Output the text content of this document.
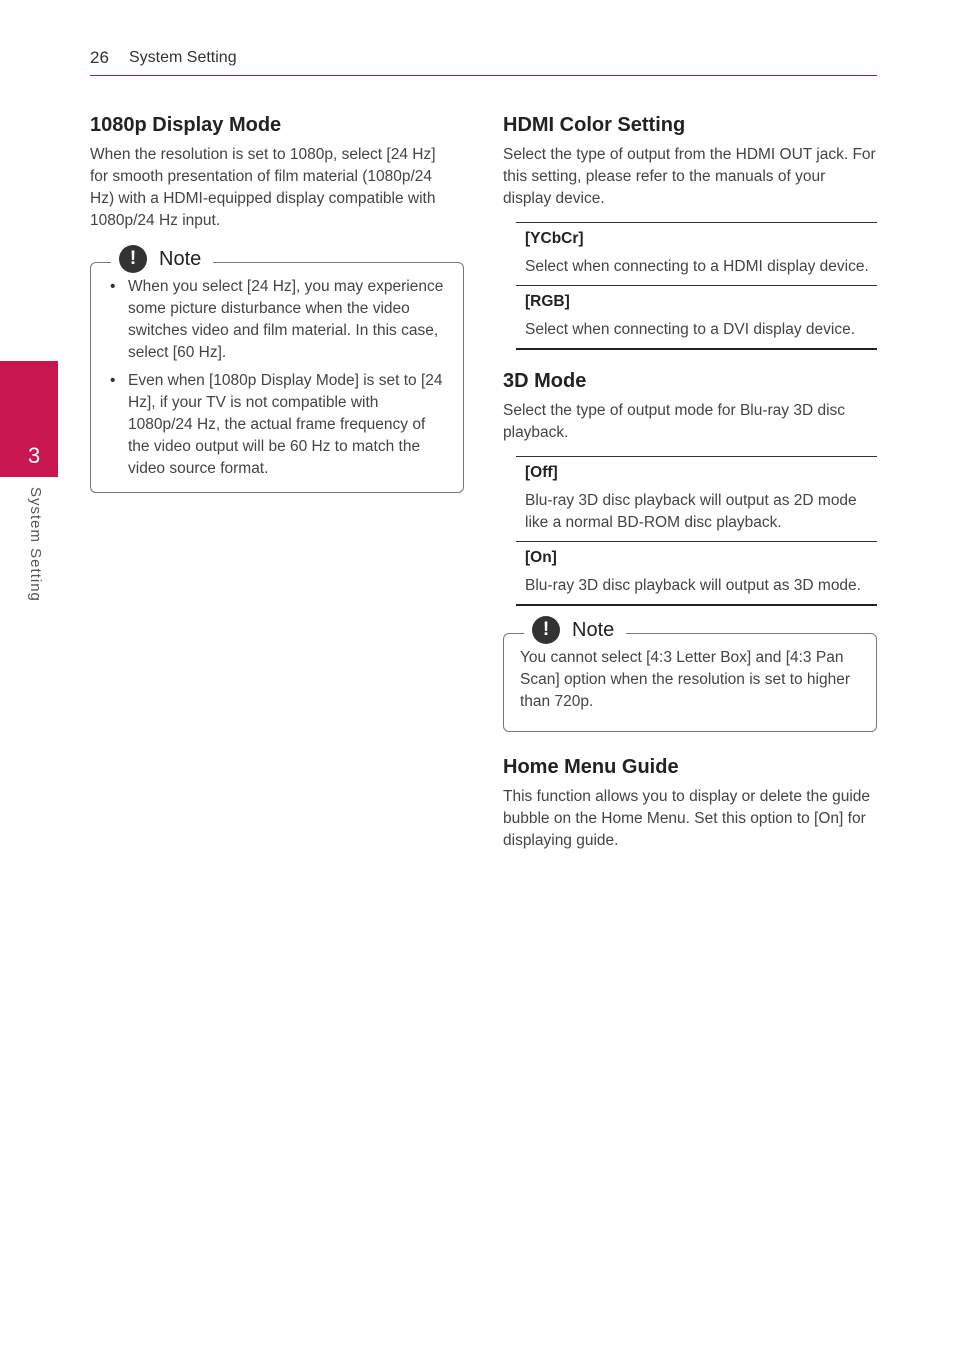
26 System Setting
3
System Setting
1080p Display Mode

When the resolution is set to 1080p, select [24 Hz] for smooth presentation of film material (1080p/24 Hz) with a HDMI-equipped display compatible with 1080p/24 Hz input.

!	Note
• When you select [24 Hz], you may experience some picture disturbance when the video switches video and film material. In this case, select [60 Hz].
• Even when [1080p Display Mode] is set to [24 Hz], if your TV is not compatible with 1080p/24 Hz, the actual frame frequency of the video output will be 60 Hz to match the video source format.
HDMI Color Setting

Select the type of output from the HDMI OUT jack. For this setting, please refer to the manuals of your display device.

[YCbCr]
Select when connecting to a HDMI display device.
[RGB]
Select when connecting to a DVI display device.
3D Mode

Select the type of output mode for Blu-ray 3D disc playback.

[Off]
Blu-ray 3D disc playback will output as 2D mode like a normal BD-ROM disc playback.
[On]
Blu-ray 3D disc playback will output as 3D mode.
!	Note

You cannot select [4:3 Letter Box] and [4:3 Pan Scan] option when the resolution is set to higher than 720p.

Home Menu Guide

This function allows you to display or delete the guide bubble on the Home Menu. Set this option to [On] for displaying guide.
